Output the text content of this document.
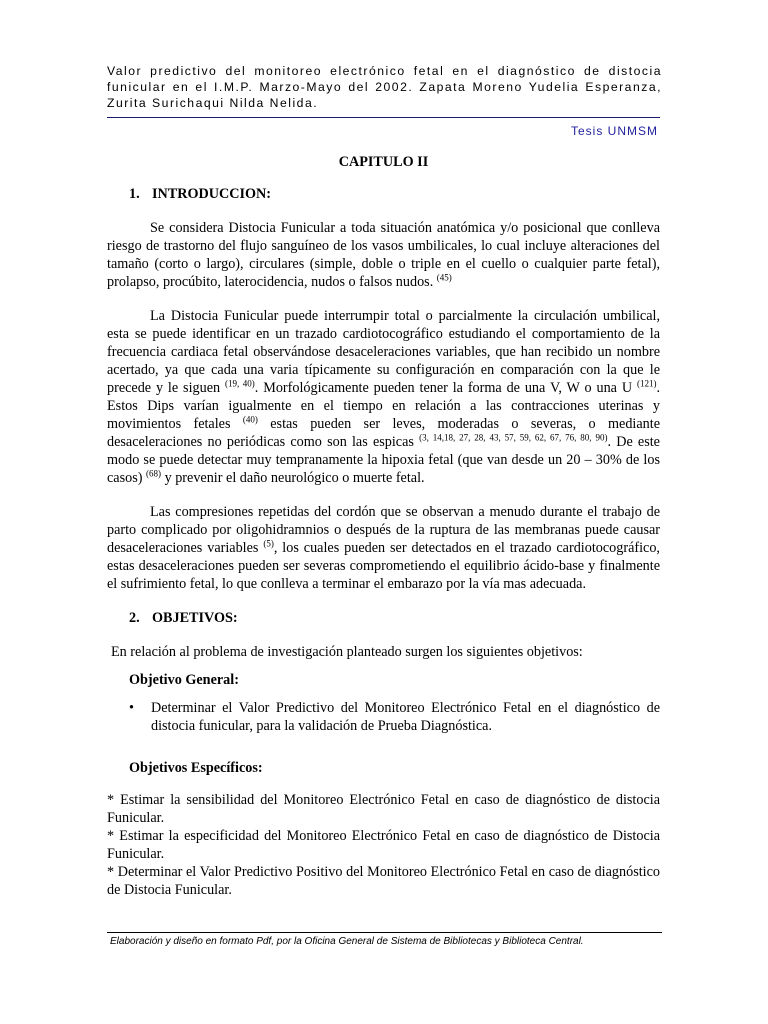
Valor predictivo del monitoreo electrónico fetal en el diagnóstico de distocia funicular en el I.M.P. Marzo-Mayo del 2002. Zapata Moreno Yudelia Esperanza, Zurita Surichaqui Nilda Nelida.
Tesis UNMSM
CAPITULO II
1. INTRODUCCION:

Se considera Distocia Funicular a toda situación anatómica y/o posicional que conlleva riesgo de trastorno del flujo sanguíneo de los vasos umbilicales, lo cual incluye alteraciones del tamaño (corto o largo), circulares (simple, doble o triple en el cuello o cualquier parte fetal), prolapso, procúbito, laterocidencia, nudos o falsos nudos. $^{(45)}$

La Distocia Funicular puede interrumpir total o parcialmente la circulación umbilical, esta se puede identificar en un trazado cardiotocográfico estudiando el comportamiento de la frecuencia cardiaca fetal observándose desaceleraciones variables, que han recibido un nombre acertado, ya que cada una varia típicamente su configuración en comparación con la que le precede y le siguen $^{(19, 40)}$. Morfológicamente pueden tener la forma de una V, W o una U $^{(121)}$. Estos Dips varían igualmente en el tiempo en relación a las contracciones uterinas y movimientos fetales $^{(40)}$ estas pueden ser leves, moderadas o severas, o mediante desaceleraciones no periódicas como son las espicas $^{(3, 14,18, 27, 28, 43, 57, 59, 62, 67, 76, 80, 90)}$. De este modo se puede detectar muy tempranamente la hipoxia fetal (que van desde un 20 – 30% de los casos) $^{(68)}$ y prevenir el daño neurológico o muerte fetal.

Las compresiones repetidas del cordón que se observan a menudo durante el trabajo de parto complicado por oligohidramnios o después de la ruptura de las membranas puede causar desaceleraciones variables $^{(5)}$, los cuales pueden ser detectados en el trazado cardiotocográfico, estas desaceleraciones pueden ser severas comprometiendo el equilibrio ácido-base y finalmente el sufrimiento fetal, lo que conlleva a terminar el embarazo por la vía mas adecuada.

2. OBJETIVOS:
En relación al problema de investigación planteado surgen los siguientes objetivos:
Objetivo General:
•	Determinar el Valor Predictivo del Monitoreo Electrónico Fetal en el diagnóstico de distocia funicular, para la validación de Prueba Diagnóstica.
Objetivos Específicos:
* Estimar la sensibilidad del Monitoreo Electrónico Fetal en caso de diagnóstico de distocia Funicular.
* Estimar la especificidad del Monitoreo Electrónico Fetal en caso de diagnóstico de Distocia Funicular.
* Determinar el Valor Predictivo Positivo del Monitoreo Electrónico Fetal en caso de diagnóstico de Distocia Funicular.
Elaboración y diseño en formato Pdf, por la Oficina General de Sistema de Bibliotecas y Biblioteca Central.
